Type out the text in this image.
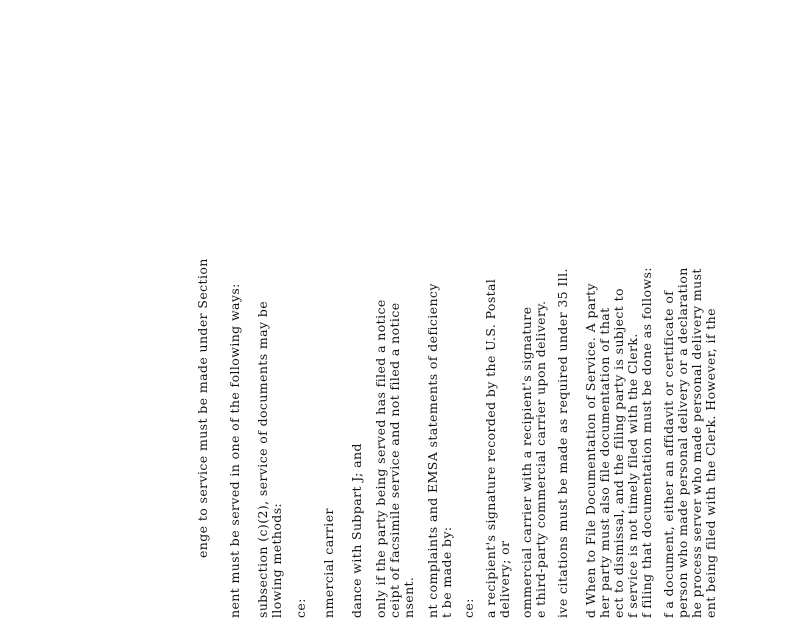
enge to service must be made under Section nent must be served in one of the following ways: subsection (c)(2), service of documents may be llowing methods: ce: nmercial carrier dance with Subpart J; and only if the party being served has filed a notice ceipt of facsimile service and not filed a notice nsent. nt complaints and EMSA statements of deficiency t be made by: ce: a recipient's signature recorded by the U.S. Postal delivery; or ommercial carrier with a recipient's signature e third-party commercial carrier upon delivery. ive citations must be made as required under 35 Ill. d When to File Documentation of Service. A party her party must also file documentation of that ect to dismissal, and the filing party is subject to f service is not timely filed with the Clerk. f filing that documentation must be done as follows: f a document, either an affidavit or certificate of person who made personal delivery or a declaration he process server who made personal delivery must ent being filed with the Clerk. However, if the
